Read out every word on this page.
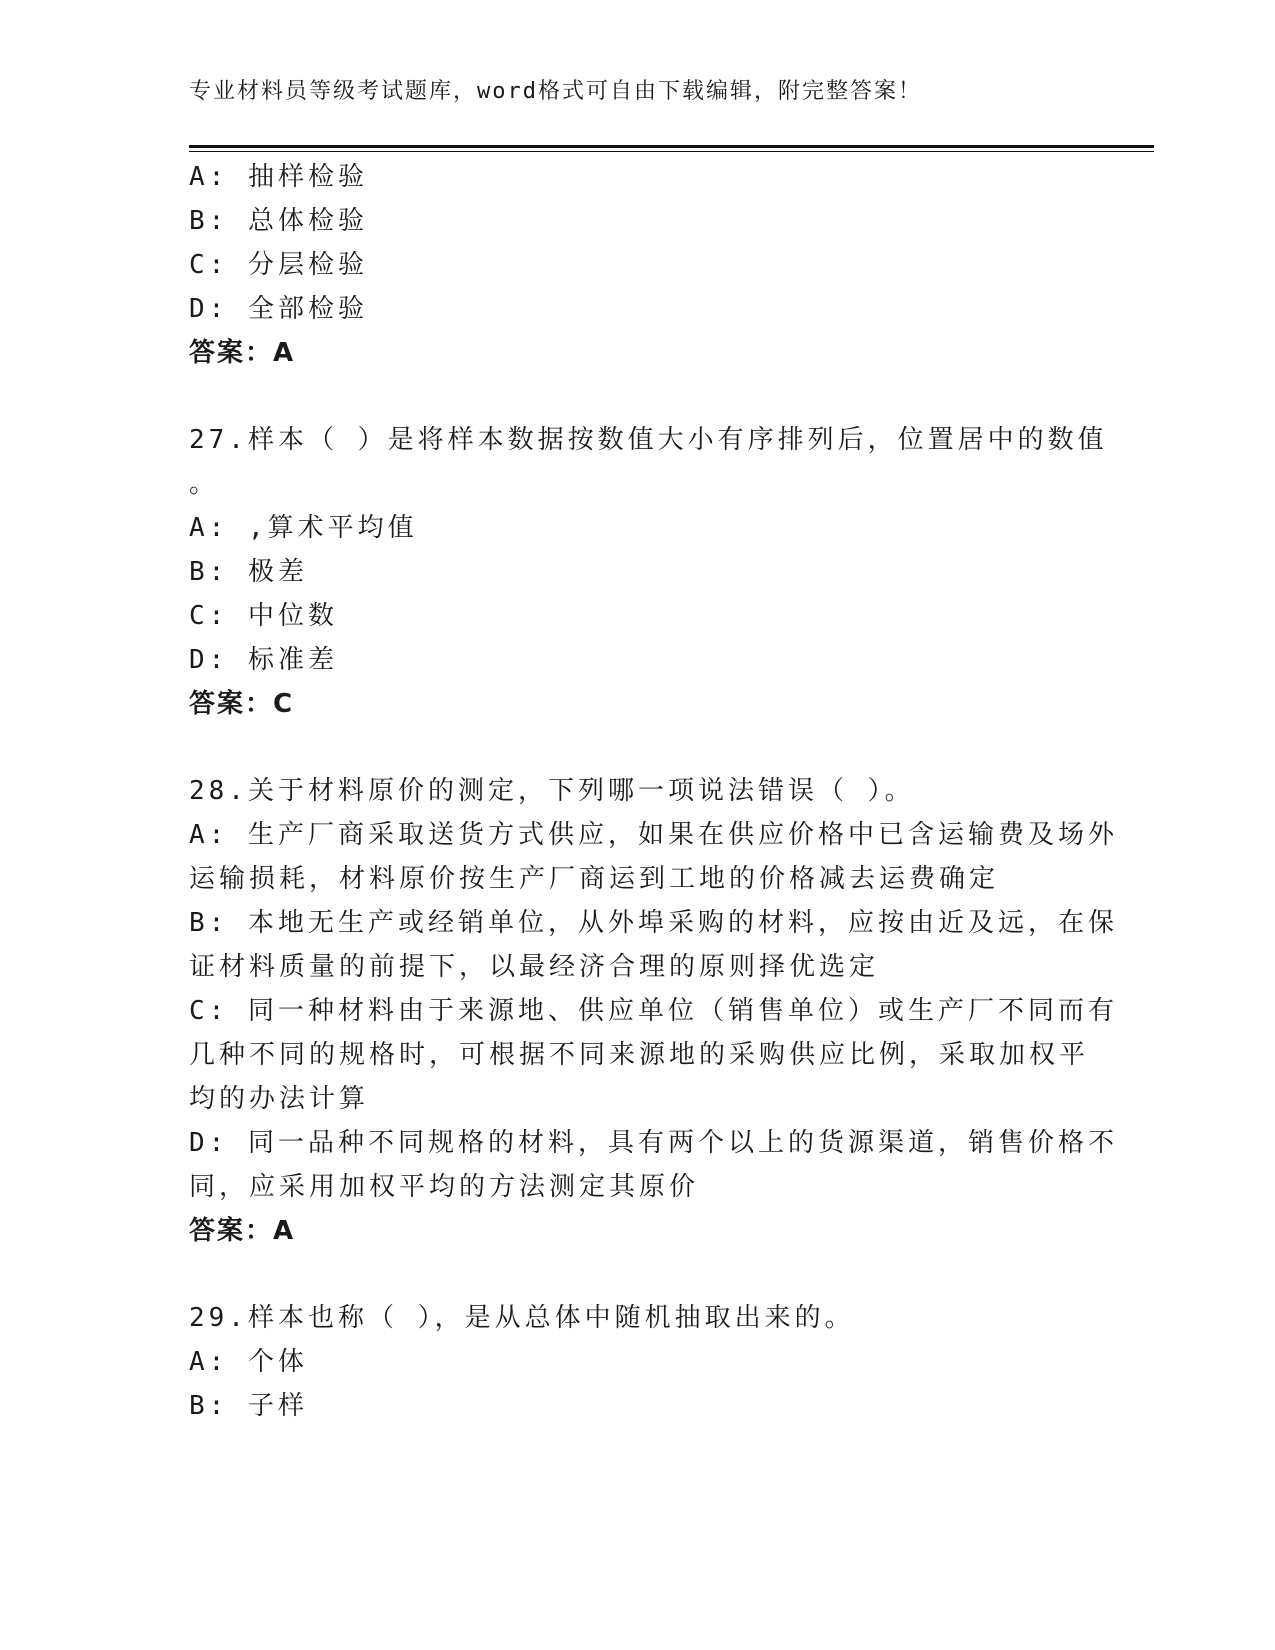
专业材料员等级考试题库，word格式可自由下载编辑，附完整答案！
A: 抽样检验
B: 总体检验
C: 分层检验
D: 全部检验
答案：A
27.样本（ ）是将样本数据按数值大小有序排列后，位置居中的数值
。
A: ,算术平均值
B: 极差
C: 中位数
D: 标准差
答案：C
28.关于材料原价的测定，下列哪一项说法错误（ ）。
A: 生产厂商采取送货方式供应，如果在供应价格中已含运输费及场外
运输损耗，材料原价按生产厂商运到工地的价格减去运费确定
B: 本地无生产或经销单位，从外埠采购的材料，应按由近及远，在保
证材料质量的前提下，以最经济合理的原则择优选定
C: 同一种材料由于来源地、供应单位（销售单位）或生产厂不同而有
几种不同的规格时，可根据不同来源地的采购供应比例，采取加权平
均的办法计算
D: 同一品种不同规格的材料，具有两个以上的货源渠道，销售价格不
同，应采用加权平均的方法测定其原价
答案：A
29.样本也称（ ），是从总体中随机抽取出来的。
A: 个体
B: 子样
